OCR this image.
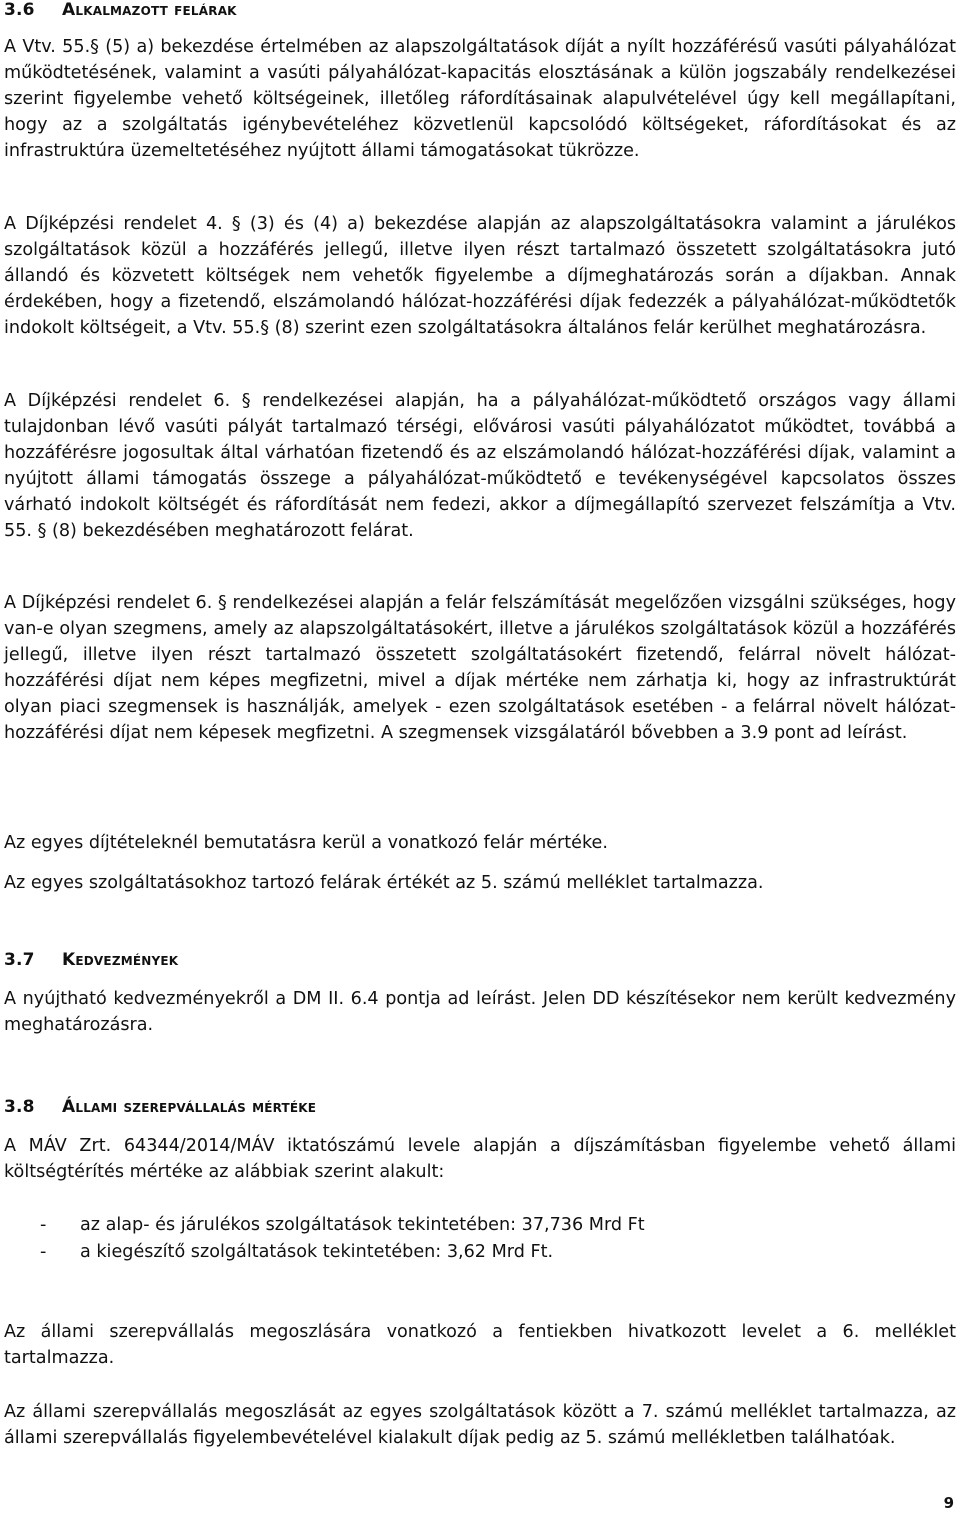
3.6 Alkalmazott felárak

A Vtv. 55.§ (5) a) bekezdése értelmében az alapszolgáltatások díját a nyílt hozzáférésű vasúti pályahálózat működtetésének, valamint a vasúti pályahálózat-kapacitás elosztásának a külön jogszabály rendelkezései szerint figyelembe vehető költségeinek, illetőleg ráfordításainak alapulvételével úgy kell megállapítani, hogy az a szolgáltatás igénybevételéhez közvetlenül kapcsolódó költségeket, ráfordításokat és az infrastruktúra üzemeltetéséhez nyújtott állami támogatásokat tükrözze.

A Díjképzési rendelet 4. § (3) és (4) a) bekezdése alapján az alapszolgáltatásokra valamint a járulékos szolgáltatások közül a hozzáférés jellegű, illetve ilyen részt tartalmazó összetett szolgáltatásokra jutó állandó és közvetett költségek nem vehetők figyelembe a díjmeghatározás során a díjakban. Annak érdekében, hogy a fizetendő, elszámolandó hálózat-hozzáférési díjak fedezzék a pályahálózat-működtetők indokolt költségeit, a Vtv. 55.§ (8) szerint ezen szolgáltatásokra általános felár kerülhet meghatározásra.

A Díjképzési rendelet 6. § rendelkezései alapján, ha a pályahálózat-működtető országos vagy állami tulajdonban lévő vasúti pályát tartalmazó térségi, elővárosi vasúti pályahálózatot működtet, továbbá a hozzáférésre jogosultak által várhatóan fizetendő és az elszámolandó hálózat-hozzáférési díjak, valamint a nyújtott állami támogatás összege a pályahálózat-működtető e tevékenységével kapcsolatos összes várható indokolt költségét és ráfordítását nem fedezi, akkor a díjmegállapító szervezet felszámítja a Vtv. 55. § (8) bekezdésében meghatározott felárat.

A Díjképzési rendelet 6. § rendelkezései alapján a felár felszámítását megelőzően vizsgálni szükséges, hogy van-e olyan szegmens, amely az alapszolgáltatásokért, illetve a járulékos szolgáltatások közül a hozzáférés jellegű, illetve ilyen részt tartalmazó összetett szolgáltatásokért fizetendő, felárral növelt hálózat-hozzáférési díjat nem képes megfizetni, mivel a díjak mértéke nem zárhatja ki, hogy az infrastruktúrát olyan piaci szegmensek is használják, amelyek - ezen szolgáltatások esetében - a felárral növelt hálózat-hozzáférési díjat nem képesek megfizetni. A szegmensek vizsgálatáról bővebben a 3.9 pont ad leírást.

Az egyes díjtételeknél bemutatásra kerül a vonatkozó felár mértéke.

Az egyes szolgáltatásokhoz tartozó felárak értékét az 5. számú melléklet tartalmazza.

3.7 Kedvezmények

A nyújtható kedvezményekről a DM II. 6.4 pontja ad leírást. Jelen DD készítésekor nem került kedvezmény meghatározásra.

3.8 Állami szerepvállalás mértéke

A MÁV Zrt. 64344/2014/MÁV iktatószámú levele alapján a díjszámításban figyelembe vehető állami költségtérítés mértéke az alábbiak szerint alakult:

- az alap- és járulékos szolgáltatások tekintetében: 37,736 Mrd Ft
- a kiegészítő szolgáltatások tekintetében: 3,62 Mrd Ft.

Az állami szerepvállalás megoszlására vonatkozó a fentiekben hivatkozott levelet a 6. melléklet tartalmazza.

Az állami szerepvállalás megoszlását az egyes szolgáltatások között a 7. számú melléklet tartalmazza, az állami szerepvállalás figyelembevételével kialakult díjak pedig az 5. számú mellékletben találhatóak.

9
